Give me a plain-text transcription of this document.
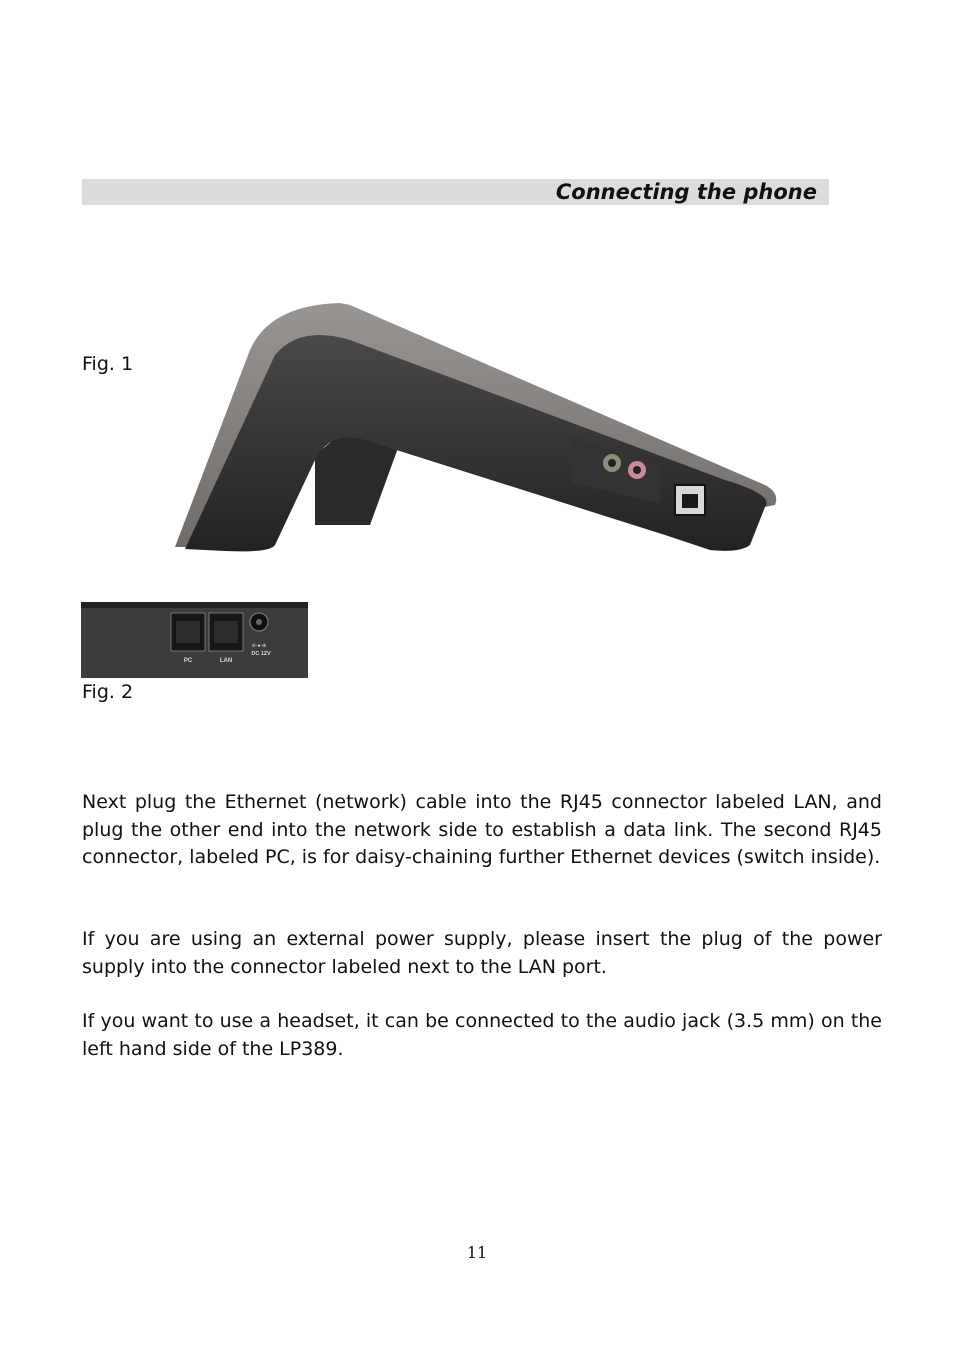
Connecting the phone
Fig. 1
PC	LAN
⊖-●-⊕
DC 12V
Fig. 2

Next plug the Ethernet (network) cable into the RJ45 connector labeled LAN, and plug the other end into the network side to establish a data link. The second RJ45 connector, labeled PC, is for daisy-chaining further Ethernet devices (switch inside).

If you are using an external power supply, please insert the plug of the power supply into the connector labeled next to the LAN port.

If you want to use a headset, it can be connected to the audio jack (3.5 mm) on the left hand side of the LP389.

11
